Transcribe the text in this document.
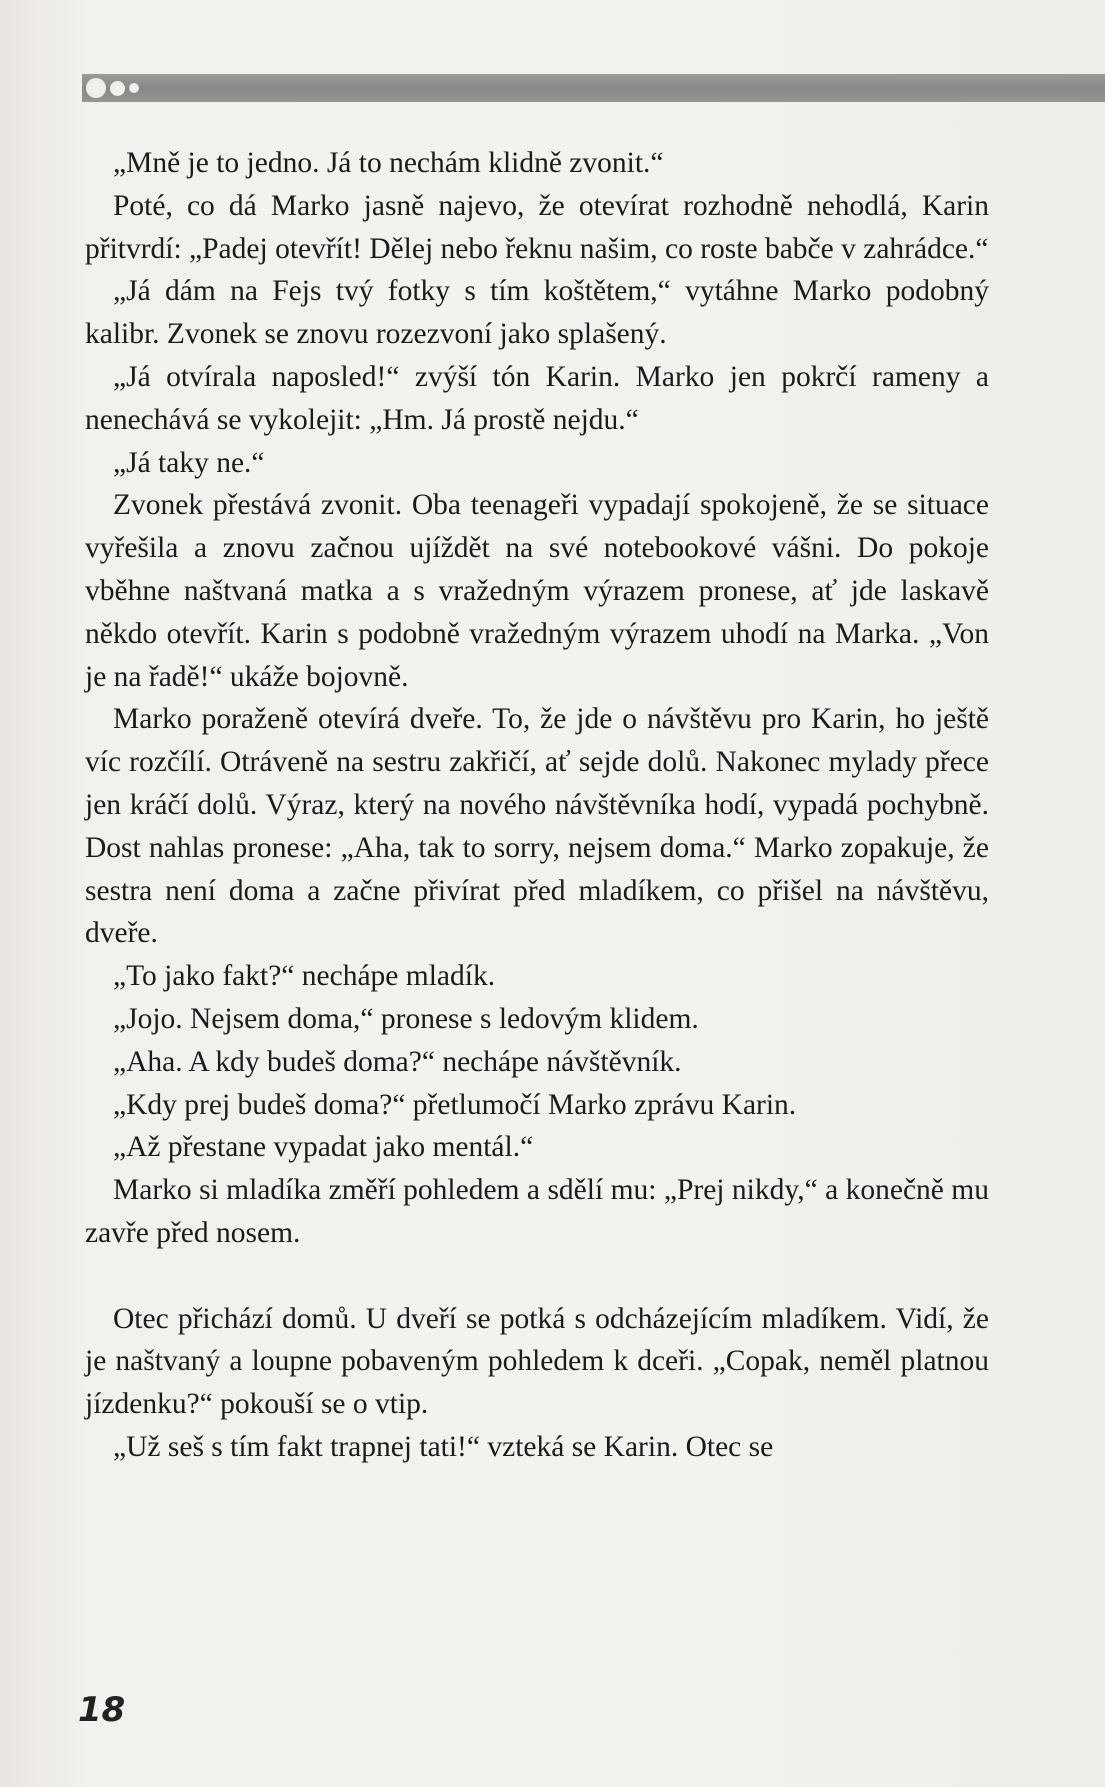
„Mně je to jedno. Já to nechám klidně zvonit.“

Poté, co dá Marko jasně najevo, že otevírat rozhodně nehodlá, Karin přitvrdí: „Padej otevřít! Dělej nebo řeknu našim, co roste babče v zahrádce.“

„Já dám na Fejs tvý fotky s tím koštětem,“ vytáhne Marko podobný kalibr. Zvonek se znovu rozezvoní jako splašený.

„Já otvírala naposled!“ zvýší tón Karin. Marko jen pokrčí rameny a nenechává se vykolejit: „Hm. Já prostě nejdu.“

„Já taky ne.“

Zvonek přestává zvonit. Oba teenageři vypadají spokojeně, že se situace vyřešila a znovu začnou ujíždět na své notebookové vášni. Do pokoje vběhne naštvaná matka a s vražedným výrazem pronese, ať jde laskavě někdo otevřít. Karin s podobně vražedným výrazem uhodí na Marka. „Von je na řadě!“ ukáže bojovně.

Marko poraženě otevírá dveře. To, že jde o návštěvu pro Karin, ho ještě víc rozčílí. Otráveně na sestru zakřičí, ať sejde dolů. Nakonec mylady přece jen kráčí dolů. Výraz, který na nového návštěvníka hodí, vypadá pochybně. Dost nahlas pronese: „Aha, tak to sorry, nejsem doma.“ Marko zopakuje, že sestra není doma a začne přivírat před mladíkem, co přišel na návštěvu, dveře.

„To jako fakt?“ nechápe mladík.

„Jojo. Nejsem doma,“ pronese s ledovým klidem.

„Aha. A kdy budeš doma?“ nechápe návštěvník.

„Kdy prej budeš doma?“ přetlumočí Marko zprávu Karin.

„Až přestane vypadat jako mentál.“

Marko si mladíka změří pohledem a sdělí mu: „Prej nikdy,“ a konečně mu zavře před nosem.

Otec přichází domů. U dveří se potká s odcházejícím mladíkem. Vidí, že je naštvaný a loupne pobaveným pohledem k dceři. „Copak, neměl platnou jízdenku?“ pokouší se o vtip.

„Už seš s tím fakt trapnej tati!“ vzteká se Karin. Otec se

18
